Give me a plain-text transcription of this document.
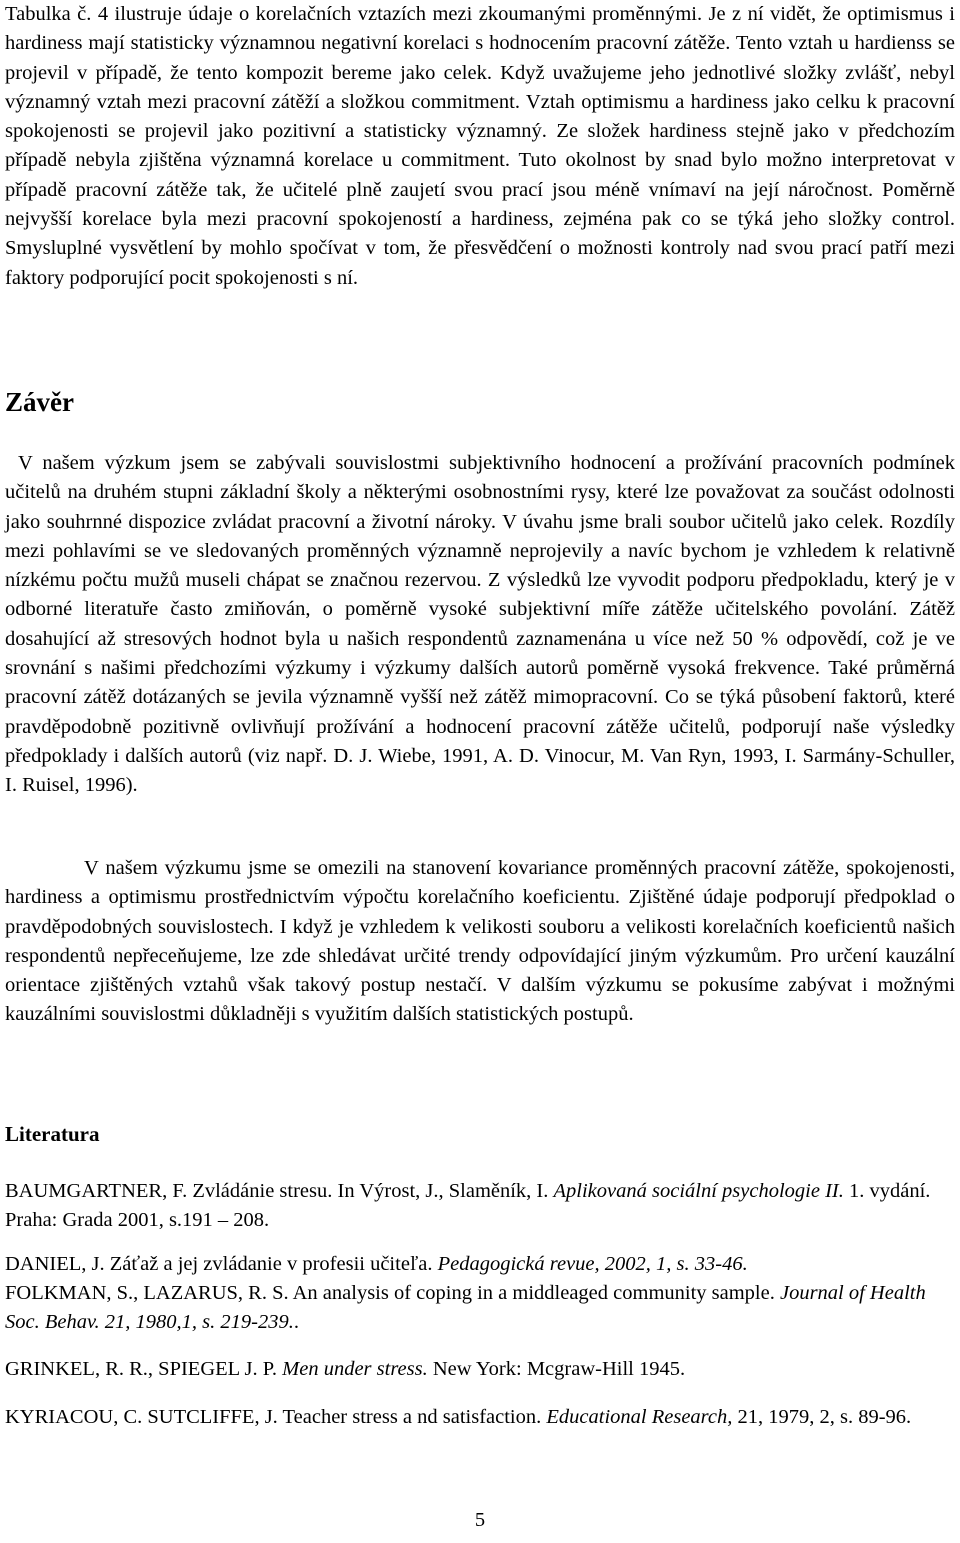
Tabulka č. 4 ilustruje údaje o korelačních vztazích mezi zkoumanými proměnnými. Je z ní vidět, že optimismus i hardiness mají statisticky významnou negativní korelaci s hodnocením pracovní zátěže. Tento vztah u hardienss se projevil v případě, že tento kompozit bereme jako celek. Když uvažujeme jeho jednotlivé složky zvlášť, nebyl významný vztah mezi pracovní zátěží a složkou commitment. Vztah optimismu a hardiness jako celku k pracovní spokojenosti se projevil jako pozitivní a statisticky významný. Ze složek hardiness stejně jako v předchozím případě nebyla zjištěna významná korelace u commitment. Tuto okolnost by snad bylo možno interpretovat v případě pracovní zátěže tak, že učitelé plně zaujetí svou prací jsou méně vnímaví na její náročnost. Poměrně nejvyšší korelace byla mezi pracovní spokojeností a hardiness, zejména pak co se týká jeho složky control. Smysluplné vysvětlení by mohlo spočívat v tom, že přesvědčení o možnosti kontroly nad svou prací patří mezi faktory podporující pocit spokojenosti s ní.

Závěr

V našem výzkum jsem se zabývali souvislostmi subjektivního hodnocení a prožívání pracovních podmínek učitelů na druhém stupni základní školy a některými osobnostními rysy, které lze považovat za součást odolnosti jako souhrnné dispozice zvládat pracovní a životní nároky. V úvahu jsme brali soubor učitelů jako celek. Rozdíly mezi pohlavími se ve sledovaných proměnných významně neprojevily a navíc bychom je vzhledem k relativně nízkému počtu mužů museli chápat se značnou rezervou. Z výsledků lze vyvodit podporu předpokladu, který je v odborné literatuře často zmiňován, o poměrně vysoké subjektivní míře zátěže učitelského povolání. Zátěž dosahující až stresových hodnot byla u našich respondentů zaznamenána u více než 50 % odpovědí, což je ve srovnání s našimi předchozími výzkumy i výzkumy dalších autorů poměrně vysoká frekvence. Také průměrná pracovní zátěž dotázaných se jevila významně vyšší než zátěž mimopracovní. Co se týká působení faktorů, které pravděpodobně pozitivně ovlivňují prožívání a hodnocení pracovní zátěže učitelů, podporují naše výsledky předpoklady i dalších autorů (viz např. D. J. Wiebe, 1991, A. D. Vinocur, M. Van Ryn, 1993, I. Sarmány-Schuller, I. Ruisel, 1996).

V našem výzkumu jsme se omezili na stanovení kovariance proměnných pracovní zátěže, spokojenosti, hardiness a optimismu prostřednictvím výpočtu korelačního koeficientu. Zjištěné údaje podporují předpoklad o pravděpodobných souvislostech. I když je vzhledem k velikosti souboru a velikosti korelačních koeficientů našich respondentů nepřeceňujeme, lze zde shledávat určité trendy odpovídající jiným výzkumům. Pro určení kauzální orientace zjištěných vztahů však takový postup nestačí. V dalším výzkumu se pokusíme zabývat i možnými kauzálními souvislostmi důkladněji s využitím dalších statistických postupů.

Literatura

BAUMGARTNER, F. Zvládánie stresu. In Výrost, J., Slaměník, I. Aplikovaná sociální psychologie II. 1. vydání. Praha: Grada 2001, s.191 – 208.

DANIEL, J. Záťaž a jej zvládanie v profesii učiteľa. Pedagogická revue, 2002, 1, s. 33-46.

FOLKMAN, S., LAZARUS, R. S. An analysis of coping in a middleaged community sample. Journal of Health Soc. Behav. 21, 1980,1, s. 219-239..

GRINKEL, R. R., SPIEGEL J. P. Men under stress. New York: Mcgraw-Hill 1945.

KYRIACOU, C. SUTCLIFFE, J. Teacher stress a nd satisfaction. Educational Research, 21, 1979, 2, s. 89-96.

5
